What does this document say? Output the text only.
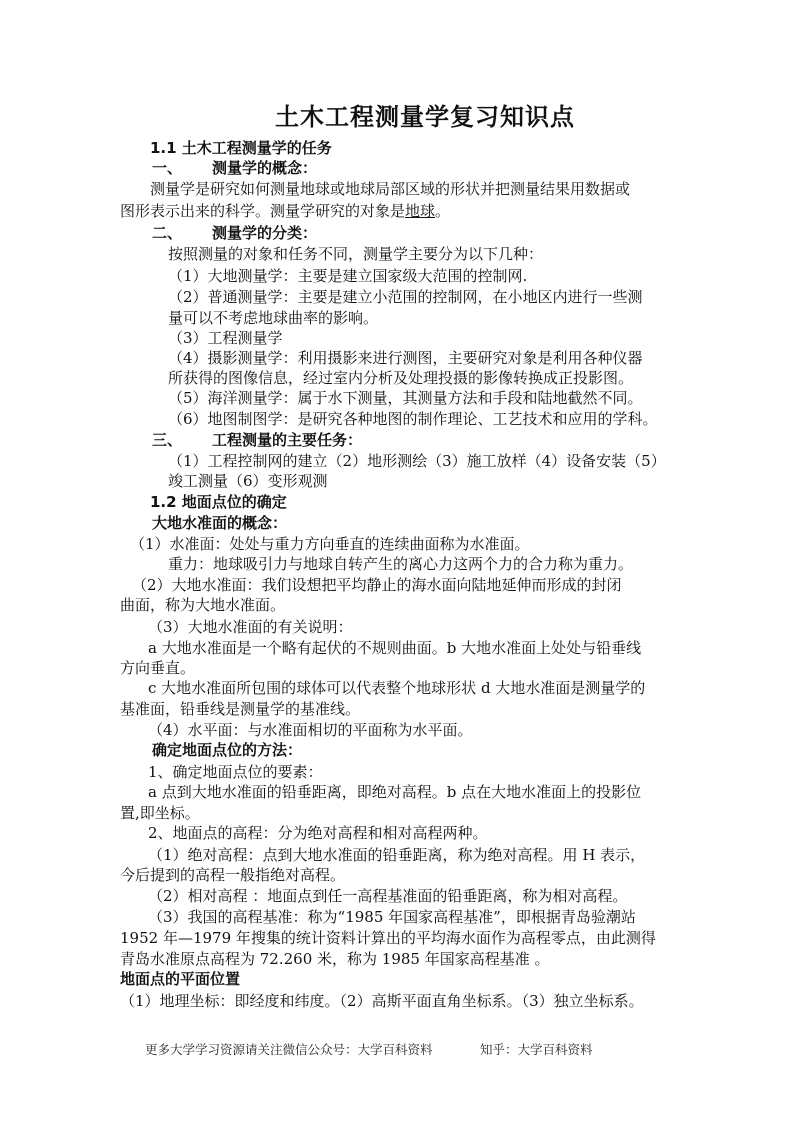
土木工程测量学复习知识点
1.1 土木工程测量学的任务
一、 测量学的概念：
测量学是研究如何测量地球或地球局部区域的形状并把测量结果用数据或
图形表示出来的科学。测量学研究的对象是地球。
二、 测量学的分类：
按照测量的对象和任务不同，测量学主要分为以下几种：
（1）大地测量学：主要是建立国家级大范围的控制网.
（2）普通测量学：主要是建立小范围的控制网，在小地区内进行一些测
量可以不考虑地球曲率的影响。
（3）工程测量学
（4）摄影测量学：利用摄影来进行测图，主要研究对象是利用各种仪器
所获得的图像信息，经过室内分析及处理投摄的影像转换成正投影图。
（5）海洋测量学：属于水下测量，其测量方法和手段和陆地截然不同。
（6）地图制图学：是研究各种地图的制作理论、工艺技术和应用的学科。
三、 工程测量的主要任务：
（1）工程控制网的建立（2）地形测绘（3）施工放样（4）设备安装（5）
竣工测量（6）变形观测
1.2 地面点位的确定
大地水准面的概念：
（1）水准面：处处与重力方向垂直的连续曲面称为水准面。
重力：地球吸引力与地球自转产生的离心力这两个力的合力称为重力。
（2）大地水准面：我们设想把平均静止的海水面向陆地延伸而形成的封闭
曲面，称为大地水准面。
（3）大地水准面的有关说明：
a 大地水准面是一个略有起伏的不规则曲面。b 大地水准面上处处与铅垂线
方向垂直。
c 大地水准面所包围的球体可以代表整个地球形状 d 大地水准面是测量学的
基准面，铅垂线是测量学的基准线。
（4）水平面：与水准面相切的平面称为水平面。
确定地面点位的方法：
1、确定地面点位的要素：
a 点到大地水准面的铅垂距离，即绝对高程。b 点在大地水准面上的投影位
置,即坐标。
2、地面点的高程：分为绝对高程和相对高程两种。
（1）绝对高程：点到大地水准面的铅垂距离，称为绝对高程。用 H 表示，
今后提到的高程一般指绝对高程。
（2）相对高程 ：地面点到任一高程基准面的铅垂距离，称为相对高程。
（3）我国的高程基准：称为“1985 年国家高程基准”，即根据青岛验潮站
1952 年—1979 年搜集的统计资料计算出的平均海水面作为高程零点，由此测得
青岛水准原点高程为 72.260 米，称为 1985 年国家高程基准 。
地面点的平面位置
（1）地理坐标：即经度和纬度。（2）高斯平面直角坐标系。（3）独立坐标系。
更多大学学习资源请关注微信公众号：大学百科资料	知乎：大学百科资料
